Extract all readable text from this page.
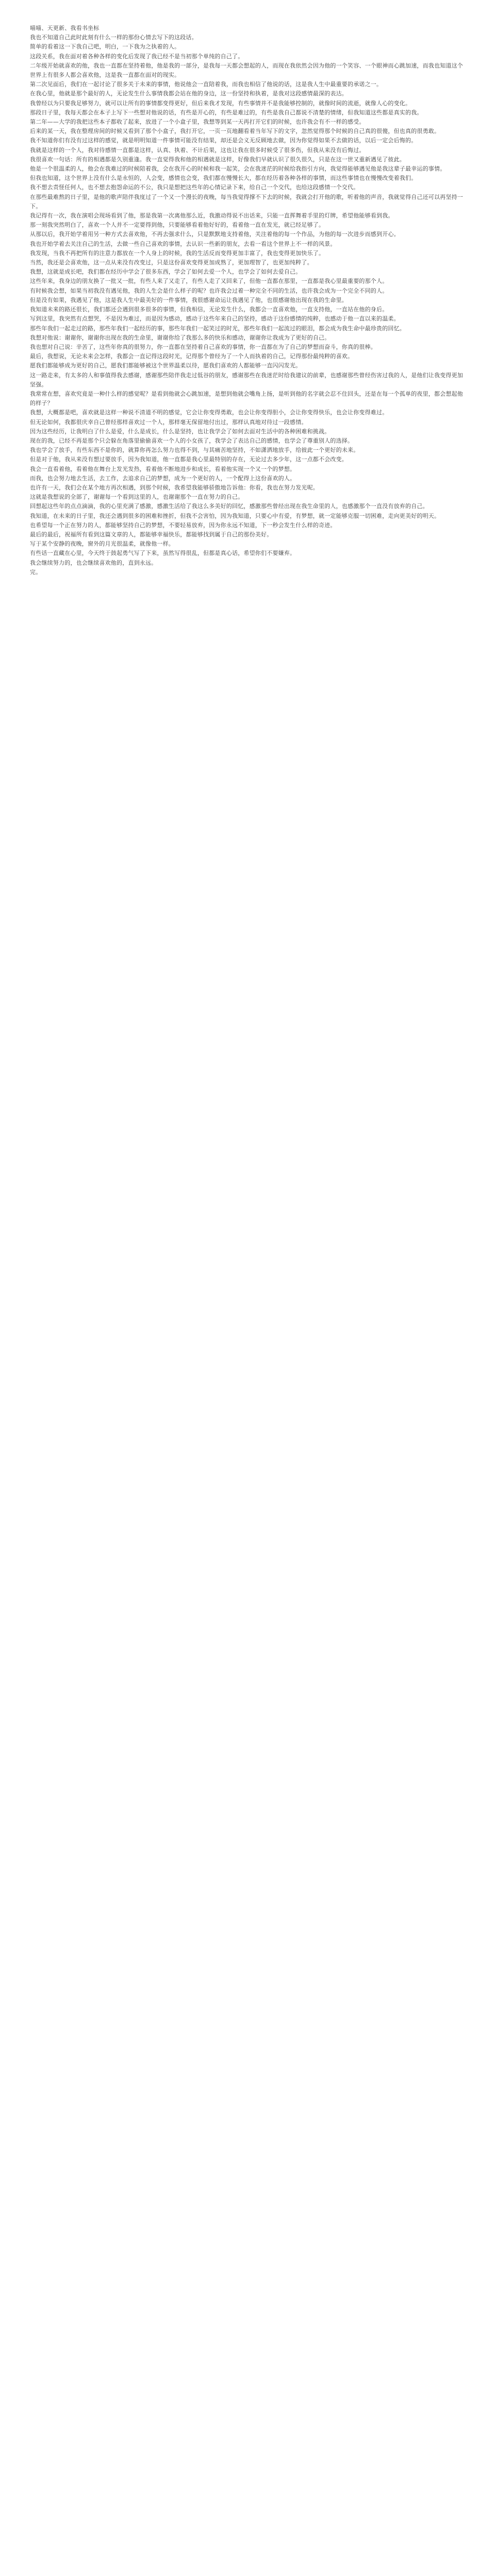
喵喵、天更新、我看书坐标

我也不知道自己此时此刻有什么一样的那份心情去写下的这段话。

简单的看着这一下我自己吧，明白，一下我为之执着的人。

这段关系，我在面对着各种各样的变化后发现了我已经不是当初那个单纯的自己了。

二年级开始就喜欢的他，我也一直都在坚持着他，他是我的一部分，是我每一天都会想起的人，而现在我依然会因为他的一个笑容、一个眼神而心跳加速，而我也知道这个世界上有很多人都会喜欢他，这是我一直都在面对的现实。

第二次见面后，我们在一起讨论了很多关于未来的事情，他说他会一直陪着我，而我也相信了他说的话，这是我人生中最重要的承诺之一。

在我心里，他就是那个最好的人，无论发生什么事情我都会站在他的身边，这一份坚持和执着，是我对这段感情最深的表达。

我曾经以为只要我足够努力，就可以让所有的事情都变得更好，但后来我才发现，有些事情并不是我能够控制的，就像时间的流逝，就像人心的变化。

那段日子里，我每天都会在本子上写下一些想对他说的话，有些是开心的，有些是难过的，有些是我自己都说不清楚的情绪，但我知道这些都是真实的我。

第二年——大学的我把这些本子都收了起来，放进了一个小盒子里，我想等到某一天再打开它们的时候，也许我会有不一样的感受。

后来的某一天，我在整理房间的时候又看到了那个小盒子，我打开它，一页一页地翻看着当年写下的文字，忽然觉得那个时候的自己真的很傻，但也真的很勇敢。

我不知道你们有没有过这样的感觉，就是明明知道一件事情可能没有结果，却还是会义无反顾地去做，因为你觉得如果不去做的话，以后一定会后悔的。

我就是这样的一个人，我对待感情一直都是这样，认真、执着、不计后果，这也让我在很多时候受了很多伤，但我从来没有后悔过。

我很喜欢一句话：所有的相遇都是久别重逢。我一直觉得我和他的相遇就是这样，好像我们早就认识了很久很久，只是在这一世又重新遇见了彼此。

他是一个很温柔的人，他会在我难过的时候陪着我，会在我开心的时候和我一起笑，会在我迷茫的时候给我指引方向，我觉得能够遇见他是我这辈子最幸运的事情。

但我也知道，这个世界上没有什么是永恒的，人会变，感情也会变，我们都在慢慢长大，都在经历着各种各样的事情，而这些事情也在慢慢改变着我们。

我不想去责怪任何人，也不想去抱怨命运的不公，我只是想把这些年的心情记录下来，给自己一个交代，也给这段感情一个交代。

在那些最难熬的日子里，是他的歌声陪伴我度过了一个又一个漫长的夜晚，每当我觉得撑不下去的时候，我就会打开他的歌，听着他的声音，我就觉得自己还可以再坚持一下。

我记得有一次，我在演唱会现场看到了他，那是我第一次离他那么近，我激动得说不出话来，只能一直挥舞着手里的灯牌，希望他能够看到我。

那一刻我突然明白了，喜欢一个人并不一定要得到他，只要能够看着他好好的，看着他一直在发光，就已经足够了。

从那以后，我开始学着用另一种方式去喜欢他，不再去强求什么，只是默默地支持着他，关注着他的每一个作品，为他的每一次进步而感到开心。

我也开始学着去关注自己的生活，去做一些自己喜欢的事情，去认识一些新的朋友，去看一看这个世界上不一样的风景。

我发现，当我不再把所有的注意力都放在一个人身上的时候，我的生活反而变得更加丰富了，我也变得更加快乐了。

当然，我还是会喜欢他，这一点从来没有改变过，只是这份喜欢变得更加成熟了，更加理智了，也更加纯粹了。

我想，这就是成长吧，我们都在经历中学会了很多东西，学会了如何去爱一个人，也学会了如何去爱自己。

这些年来，我身边的朋友换了一批又一批，有些人来了又走了，有些人走了又回来了，但他一直都在那里，一直都是我心里最重要的那个人。

有时候我会想，如果当初我没有遇见他，我的人生会是什么样子的呢？也许我会过着一种完全不同的生活，也许我会成为一个完全不同的人。

但是没有如果，我遇见了他，这是我人生中最美好的一件事情，我很感谢命运让我遇见了他，也很感谢他出现在我的生命里。

我知道未来的路还很长，我们都还会遇到很多很多的事情，但我相信，无论发生什么，我都会一直喜欢他，一直支持他，一直站在他的身后。

写到这里，我突然有点想哭，不是因为难过，而是因为感动，感动于这些年来自己的坚持，感动于这份感情的纯粹，也感动于他一直以来的温柔。

那些年我们一起走过的路，那些年我们一起经历的事，那些年我们一起笑过的时光，那些年我们一起流过的眼泪，都会成为我生命中最珍贵的回忆。

我想对他说：谢谢你，谢谢你出现在我的生命里，谢谢你给了我那么多的快乐和感动，谢谢你让我成为了更好的自己。

我也想对自己说：辛苦了，这些年你真的很努力，你一直都在坚持着自己喜欢的事情，你一直都在为了自己的梦想而奋斗，你真的很棒。

最后，我想说，无论未来会怎样，我都会一直记得这段时光，记得那个曾经为了一个人而执着的自己，记得那份最纯粹的喜欢。

愿我们都能够成为更好的自己，愿我们都能够被这个世界温柔以待，愿我们喜欢的人都能够一直闪闪发光。

这一路走来，有太多的人和事值得我去感谢，感谢那些陪伴我走过低谷的朋友，感谢那些在我迷茫时给我建议的前辈，也感谢那些曾经伤害过我的人，是他们让我变得更加坚强。

我常常在想，喜欢究竟是一种什么样的感觉呢？是看到他就会心跳加速，是想到他就会嘴角上扬，是听到他的名字就会忍不住回头，还是在每一个孤单的夜里，都会想起他的样子？

我想，大概都是吧，喜欢就是这样一种说不清道不明的感觉，它会让你变得勇敢，也会让你变得胆小，会让你变得快乐，也会让你变得难过。

但无论如何，我都很庆幸自己曾经那样喜欢过一个人，那样毫无保留地付出过，那样认真地对待过一段感情。

因为这些经历，让我明白了什么是爱，什么是成长，什么是坚持，也让我学会了如何去面对生活中的各种困难和挑战。

现在的我，已经不再是那个只会躲在角落里偷偷喜欢一个人的小女孩了，我学会了表达自己的感情，也学会了尊重别人的选择。

我也学会了放手，有些东西不是你的，就算你再怎么努力也得不到，与其痛苦地坚持，不如潇洒地放手，给彼此一个更好的未来。

但是对于他，我从来没有想过要放手，因为我知道，他一直都是我心里最特别的存在，无论过去多少年，这一点都不会改变。

我会一直看着他，看着他在舞台上发光发热，看着他不断地进步和成长，看着他实现一个又一个的梦想。

而我，也会努力地去生活，去工作，去追求自己的梦想，成为一个更好的人，一个配得上这份喜欢的人。

也许有一天，我们会在某个地方再次相遇，到那个时候，我希望我能够骄傲地告诉他：你看，我也在努力发光呢。

这就是我想说的全部了，谢谢每一个看到这里的人，也谢谢那个一直在努力的自己。

回想起这些年的点点滴滴，我的心里充满了感激，感激生活给了我这么多美好的回忆，感激那些曾经出现在我生命里的人，也感激那个一直没有放弃的自己。

我知道，在未来的日子里，我还会遇到很多的困难和挫折，但我不会害怕，因为我知道，只要心中有爱，有梦想，就一定能够克服一切困难，走向更美好的明天。

也希望每一个正在努力的人，都能够坚持自己的梦想，不要轻易放弃，因为你永远不知道，下一秒会发生什么样的奇迹。

最后的最后，祝福所有看到这篇文章的人，都能够幸福快乐，都能够找到属于自己的那份美好。

写于某个安静的夜晚，窗外的月光很温柔，就像他一样。

有些话一直藏在心里，今天终于鼓起勇气写了下来，虽然写得很乱，但都是真心话，希望你们不要嫌弃。

我会继续努力的，也会继续喜欢他的，直到永远。

完。
